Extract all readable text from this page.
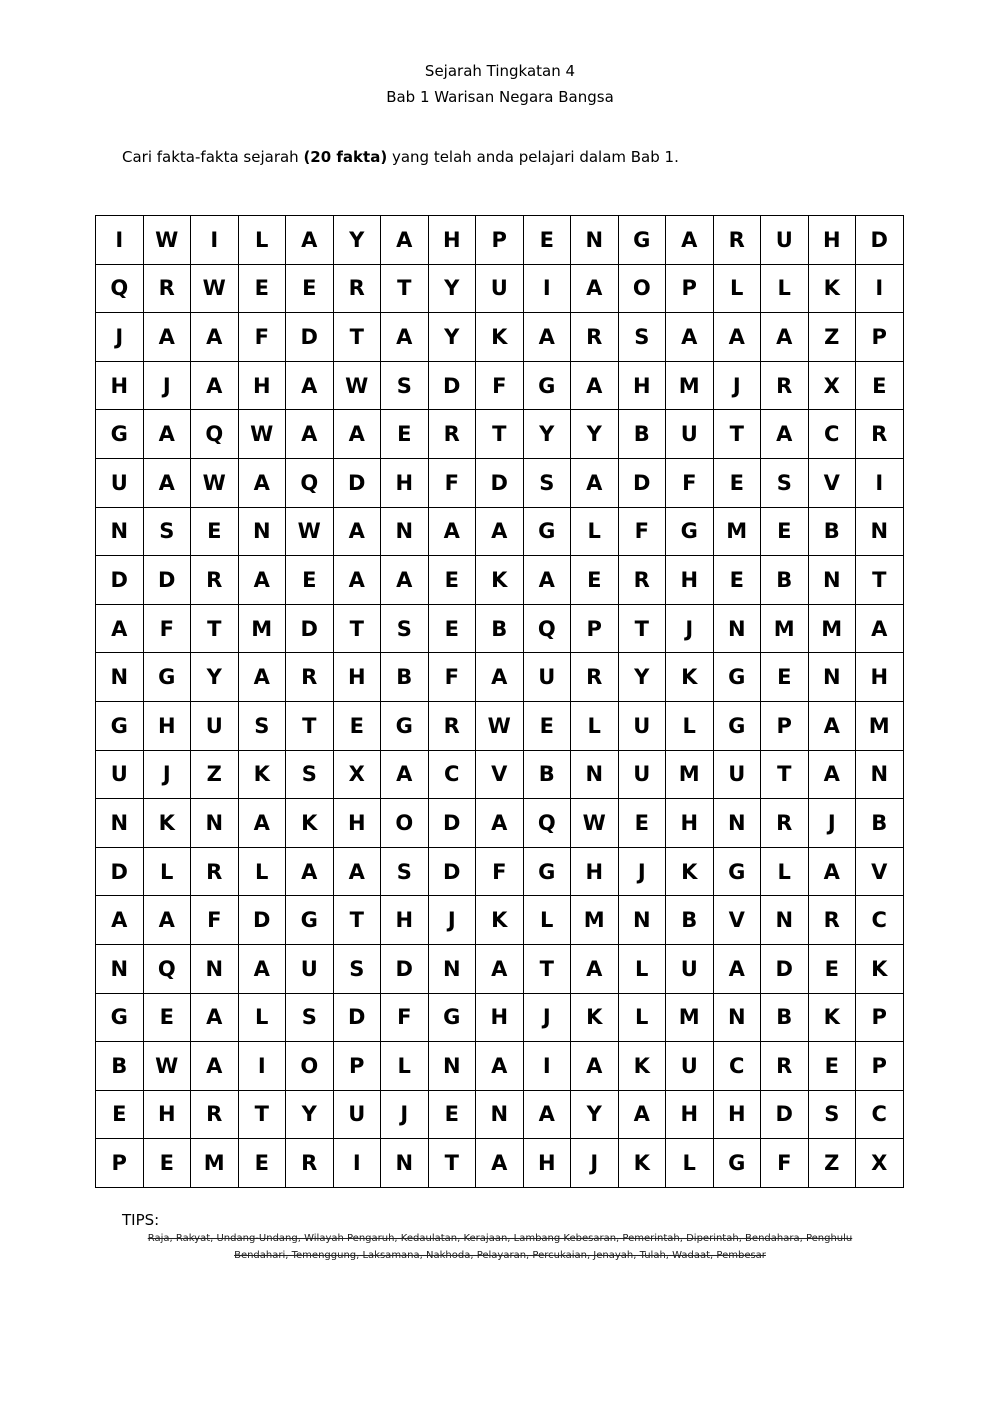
Sejarah Tingkatan 4
Bab 1 Warisan Negara Bangsa
Cari fakta-fakta sejarah (20 fakta) yang telah anda pelajari dalam Bab 1.
I	W	I	L	A	Y	A	H	P	E	N	G	A	R	U	H	D
Q	R	W	E	E	R	T	Y	U	I	A	O	P	L	L	K	I
J	A	A	F	D	T	A	Y	K	A	R	S	A	A	A	Z	P
H	J	A	H	A	W	S	D	F	G	A	H	M	J	R	X	E
G	A	Q	W	A	A	E	R	T	Y	Y	B	U	T	A	C	R
U	A	W	A	Q	D	H	F	D	S	A	D	F	E	S	V	I
N	S	E	N	W	A	N	A	A	G	L	F	G	M	E	B	N
D	D	R	A	E	A	A	E	K	A	E	R	H	E	B	N	T
A	F	T	M	D	T	S	E	B	Q	P	T	J	N	M	M	A
N	G	Y	A	R	H	B	F	A	U	R	Y	K	G	E	N	H
G	H	U	S	T	E	G	R	W	E	L	U	L	G	P	A	M
U	J	Z	K	S	X	A	C	V	B	N	U	M	U	T	A	N
N	K	N	A	K	H	O	D	A	Q	W	E	H	N	R	J	B
D	L	R	L	A	A	S	D	F	G	H	J	K	G	L	A	V
A	A	F	D	G	T	H	J	K	L	M	N	B	V	N	R	C
N	Q	N	A	U	S	D	N	A	T	A	L	U	A	D	E	K
G	E	A	L	S	D	F	G	H	J	K	L	M	N	B	K	P
B	W	A	I	O	P	L	N	A	I	A	K	U	C	R	E	P
E	H	R	T	Y	U	J	E	N	A	Y	A	H	H	D	S	C
P	E	M	E	R	I	N	T	A	H	J	K	L	G	F	Z	X
TIPS:
Raja, Rakyat, Undang-Undang, Wilayah Pengaruh, Kedaulatan, Kerajaan, Lambang Kebesaran, Pemerintah, Diperintah, Bendahara, Penghulu
Bendahari, Temenggung, Laksamana, Nakhoda, Pelayaran, Percukaian, Jenayah, Tulah, Wadaat, Pembesar
